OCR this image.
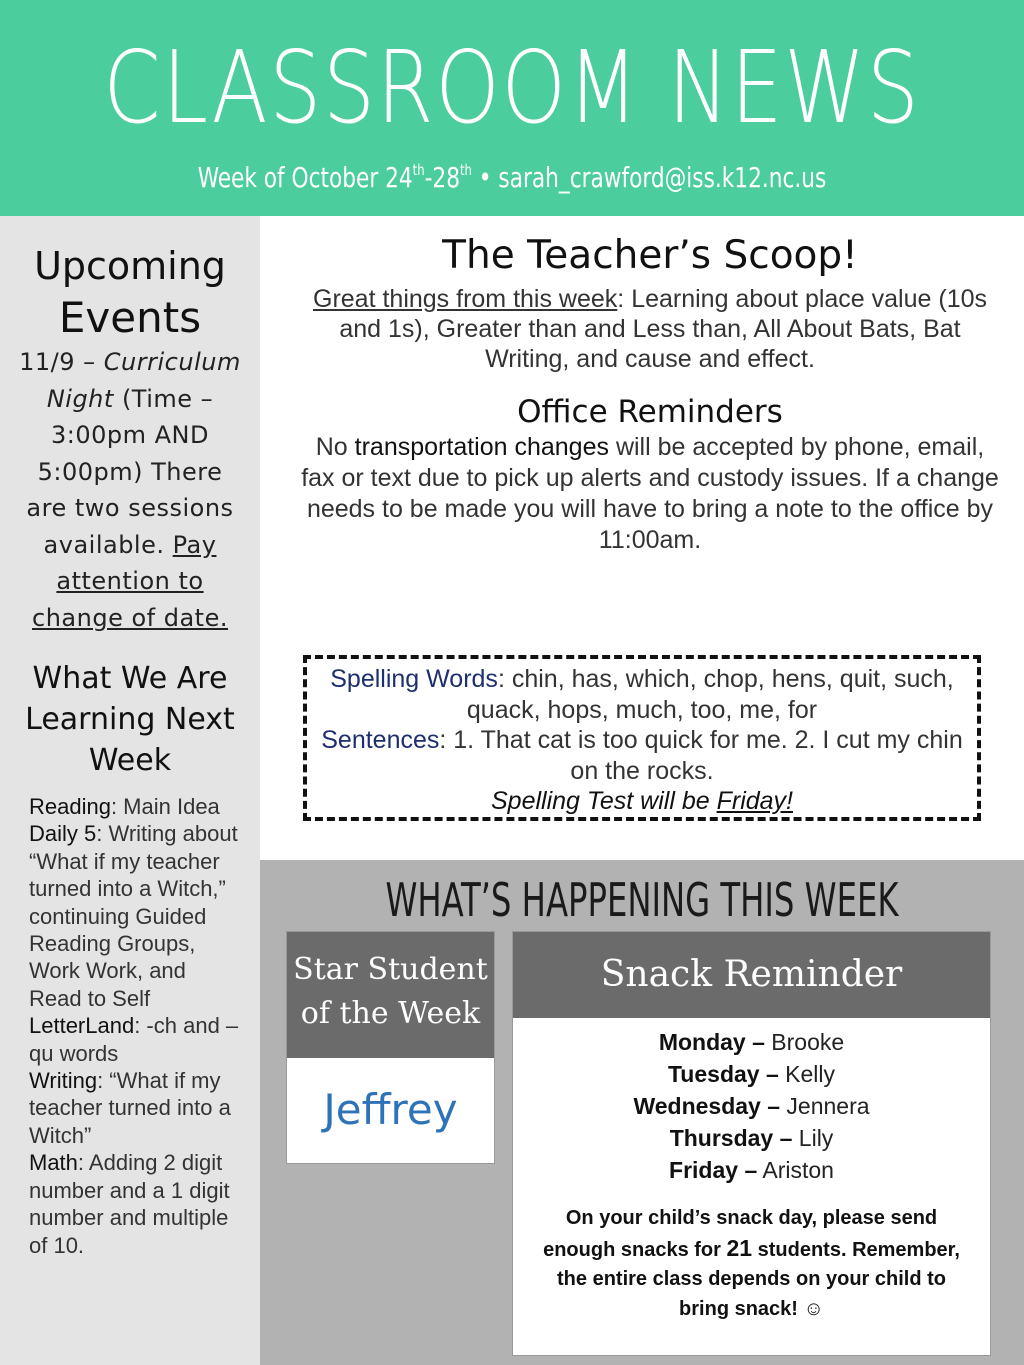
CLASSROOM NEWS
Week of October 24th-28th • sarah_crawford@iss.k12.nc.us
Upcoming
Events
11/9 – Curriculum Night (Time – 3:00pm AND 5:00pm) There are two sessions available. Pay attention to change of date.
What We Are Learning Next Week
Reading: Main Idea
Daily 5: Writing about “What if my teacher turned into a Witch,” continuing Guided Reading Groups, Work Work, and Read to Self
LetterLand: -ch and –qu words
Writing: “What if my teacher turned into a Witch”
Math: Adding 2 digit number and a 1 digit number and multiple of 10.
The Teacher’s Scoop!

Great things from this week: Learning about place value (10s and 1s), Greater than and Less than, All About Bats, Bat Writing, and cause and effect.

Office Reminders

No transportation changes will be accepted by phone, email, fax or text due to pick up alerts and custody issues. If a change needs to be made you will have to bring a note to the office by 11:00am.

Spelling Words: chin, has, which, chop, hens, quit, such, quack, hops, much, too, me, for
Sentences: 1. That cat is too quick for me. 2. I cut my chin on the rocks.
Spelling Test will be Friday!
WHAT’S HAPPENING THIS WEEK
Star Student
of the Week
Jeffrey
Snack Reminder
Monday – Brooke
Tuesday – Kelly
Wednesday – Jennera
Thursday – Lily
Friday – Ariston
On your child’s snack day, please send enough snacks for 21 students. Remember, the entire class depends on your child to bring snack! ☺
